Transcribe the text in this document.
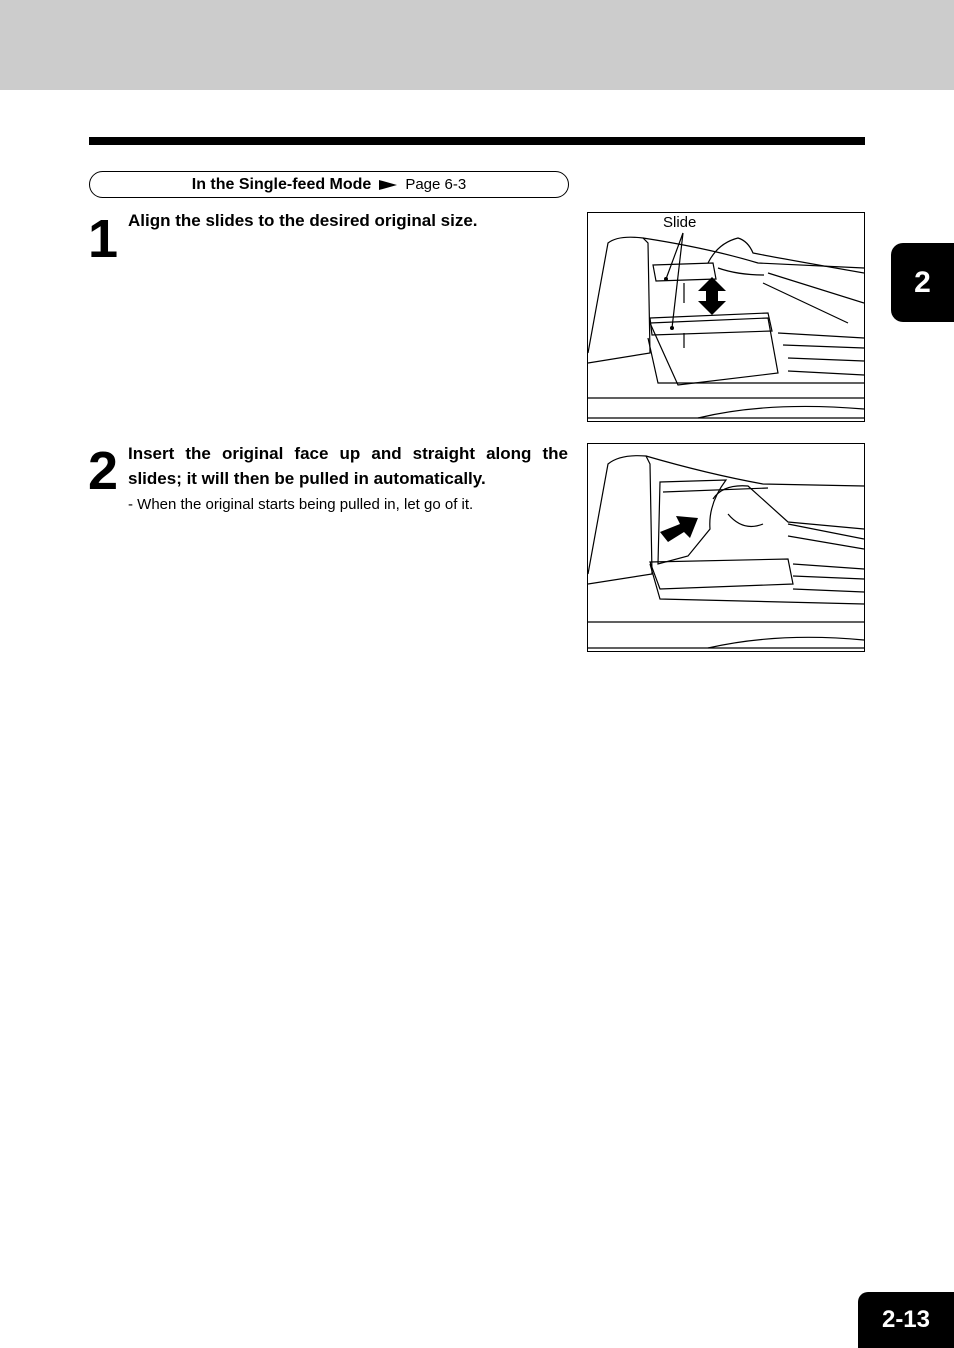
In the Single-feed Mode Page 6-3
1 Align the slides to the desired original size.	Slide
2 Insert the original face up and straight along the slides; it will then be pulled in automatically.
- When the original starts being pulled in, let go of it.
2
2-13
